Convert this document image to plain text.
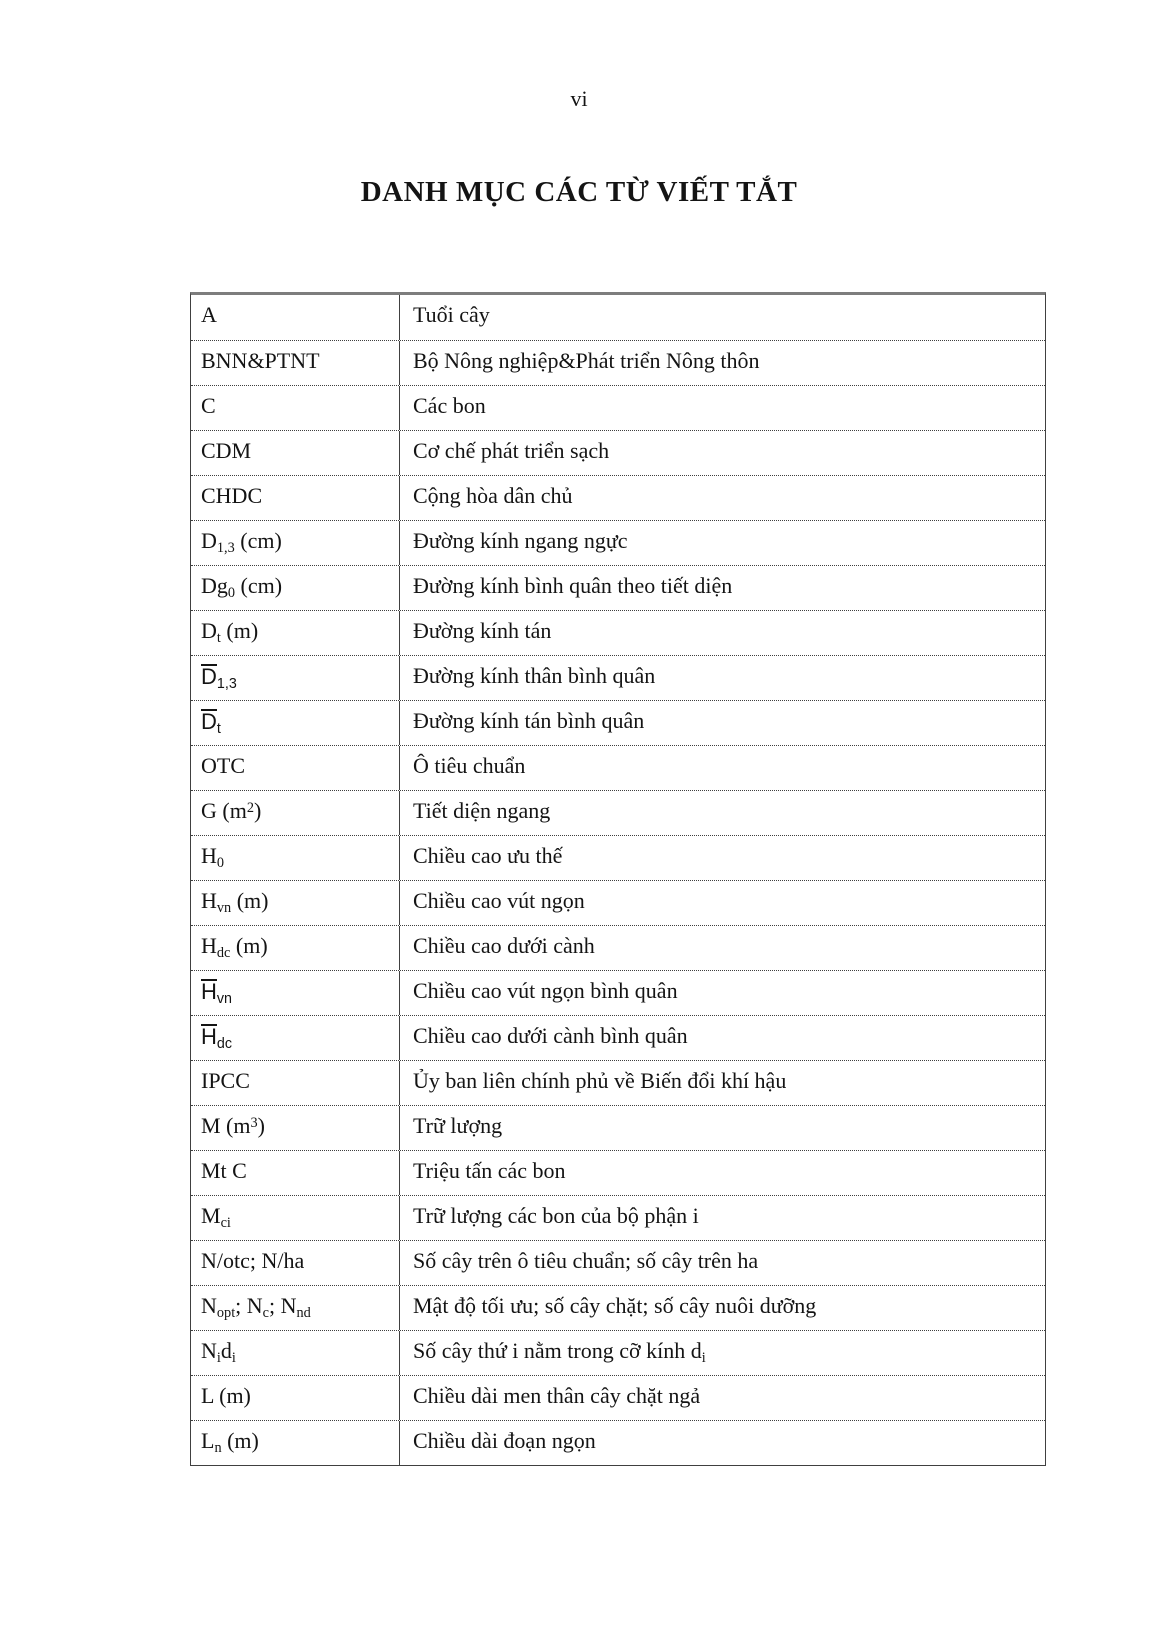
vi
DANH MỤC CÁC TỪ VIẾT TẮT
A	Tuổi cây
BNN&PTNT	Bộ Nông nghiệp&Phát triển Nông thôn
C	Các bon
CDM	Cơ chế phát triển sạch
CHDC	Cộng hòa dân chủ
D1,3 (cm)	Đường kính ngang ngực
Dg0 (cm)	Đường kính bình quân theo tiết diện
Dt (m)	Đường kính tán
D1,3	Đường kính thân bình quân
Dt	Đường kính tán bình quân
OTC	Ô tiêu chuẩn
G $(m^2)$	Tiết diện ngang
H0	Chiều cao ưu thế
Hvn (m)	Chiều cao vút ngọn
Hdc (m)	Chiều cao dưới cành
Hvn	Chiều cao vút ngọn bình quân
Hdc	Chiều cao dưới cành bình quân
IPCC	Ủy ban liên chính phủ về Biến đổi khí hậu
M $(m^3)$	Trữ lượng
Mt C	Triệu tấn các bon
Mci	Trữ lượng các bon của bộ phận i
N/otc; N/ha	Số cây trên ô tiêu chuẩn; số cây trên ha
Nopt; Nc; Nnd	Mật độ tối ưu; số cây chặt; số cây nuôi dưỡng
Nidi	Số cây thứ i nằm trong cỡ kính di
L (m)	Chiều dài men thân cây chặt ngả
Ln (m)	Chiều dài đoạn ngọn
